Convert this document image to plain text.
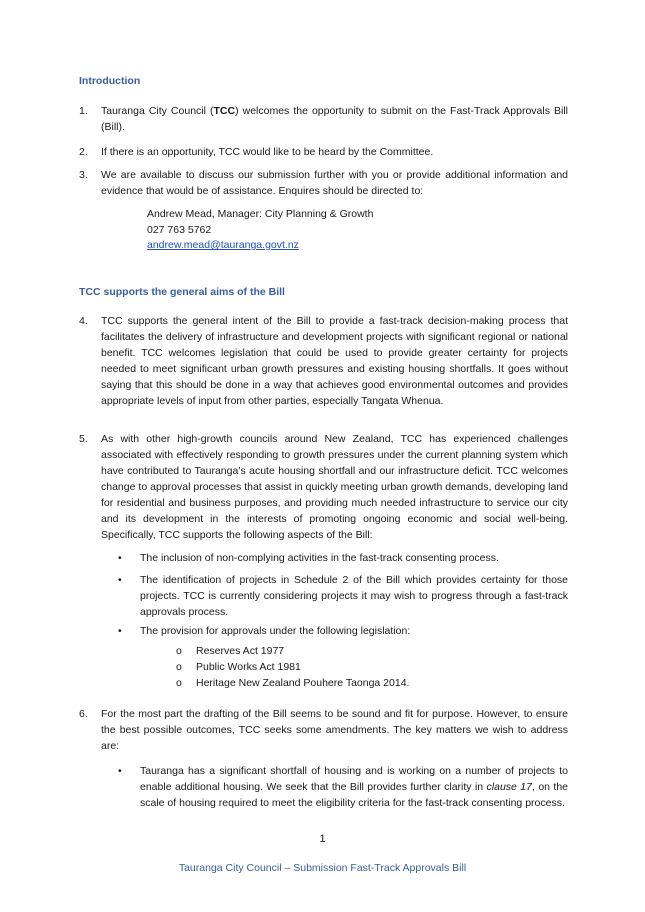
Introduction
1.	Tauranga City Council (TCC) welcomes the opportunity to submit on the Fast-Track Approvals Bill (Bill).
2.	If there is an opportunity, TCC would like to be heard by the Committee.
3.	We are available to discuss our submission further with you or provide additional information and evidence that would be of assistance. Enquires should be directed to:
Andrew Mead, Manager: City Planning & Growth
027 763 5762
andrew.mead@tauranga.govt.nz
TCC supports the general aims of the Bill
4.	TCC supports the general intent of the Bill to provide a fast-track decision-making process that facilitates the delivery of infrastructure and development projects with significant regional or national benefit. TCC welcomes legislation that could be used to provide greater certainty for projects needed to meet significant urban growth pressures and existing housing shortfalls. It goes without saying that this should be done in a way that achieves good environmental outcomes and provides appropriate levels of input from other parties, especially Tangata Whenua.
5.	As with other high-growth councils around New Zealand, TCC has experienced challenges associated with effectively responding to growth pressures under the current planning system which have contributed to Tauranga’s acute housing shortfall and our infrastructure deficit. TCC welcomes change to approval processes that assist in quickly meeting urban growth demands, developing land for residential and business purposes, and providing much needed infrastructure to service our city and its development in the interests of promoting ongoing economic and social well-being. Specifically, TCC supports the following aspects of the Bill:
•	The inclusion of non-complying activities in the fast-track consenting process.
•	The identification of projects in Schedule 2 of the Bill which provides certainty for those projects. TCC is currently considering projects it may wish to progress through a fast-track approvals process.
•	The provision for approvals under the following legislation:
o Reserves Act 1977
o Public Works Act 1981
o Heritage New Zealand Pouhere Taonga 2014.
6.	For the most part the drafting of the Bill seems to be sound and fit for purpose. However, to ensure the best possible outcomes, TCC seeks some amendments. The key matters we wish to address are:
•	Tauranga has a significant shortfall of housing and is working on a number of projects to enable additional housing. We seek that the Bill provides further clarity in clause 17, on the scale of housing required to meet the eligibility criteria for the fast-track consenting process.
1
Tauranga City Council – Submission Fast-Track Approvals Bill
